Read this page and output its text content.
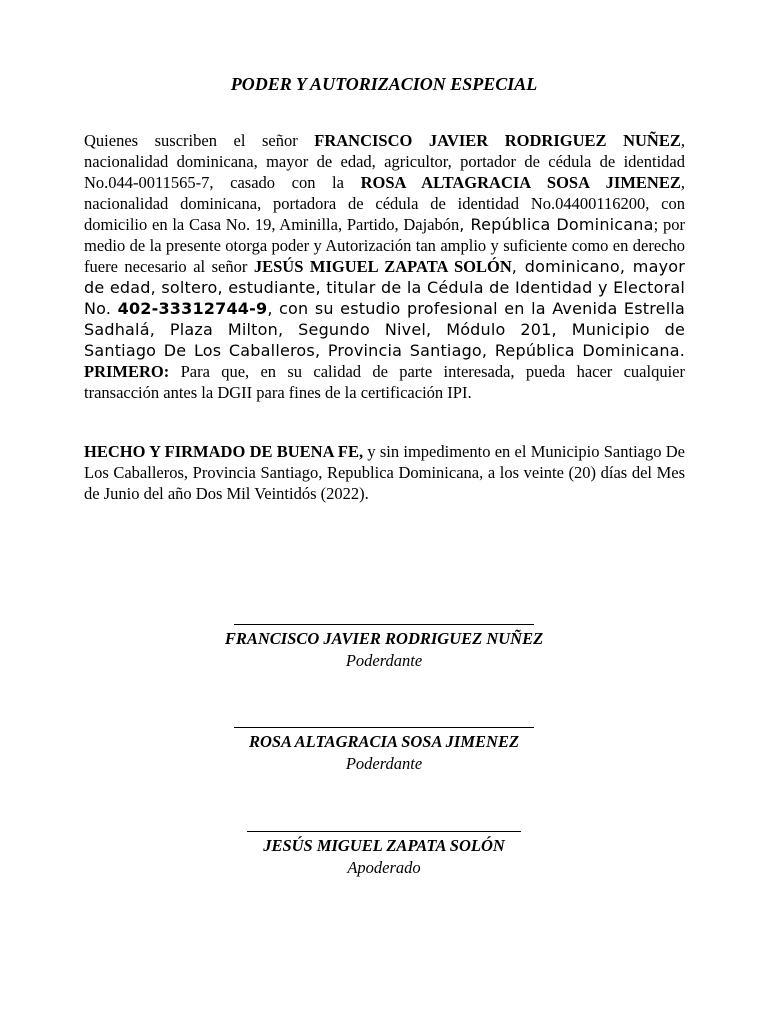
PODER Y AUTORIZACION ESPECIAL
Quienes suscriben el señor FRANCISCO JAVIER RODRIGUEZ NUÑEZ, nacionalidad dominicana, mayor de edad, agricultor, portador de cédula de identidad No.044-0011565-7, casado con la ROSA ALTAGRACIA SOSA JIMENEZ, nacionalidad dominicana, portadora de cédula de identidad No.04400116200, con domicilio en la Casa No. 19, Aminilla, Partido, Dajabón, República Dominicana; por medio de la presente otorga poder y Autorización tan amplio y suficiente como en derecho fuere necesario al señor JESÚS MIGUEL ZAPATA SOLÓN, dominicano, mayor de edad, soltero, estudiante, titular de la Cédula de Identidad y Electoral No. 402-33312744-9, con su estudio profesional en la Avenida Estrella Sadhalá, Plaza Milton, Segundo Nivel, Módulo 201, Municipio de Santiago De Los Caballeros, Provincia Santiago, República Dominicana. PRIMERO: Para que, en su calidad de parte interesada, pueda hacer cualquier transacción antes la DGII para fines de la certificación IPI.
HECHO Y FIRMADO DE BUENA FE, y sin impedimento en el Municipio Santiago De Los Caballeros, Provincia Santiago, Republica Dominicana, a los veinte (20) días del Mes de Junio del año Dos Mil Veintidós (2022).
FRANCISCO JAVIER RODRIGUEZ NUÑEZ
Poderdante
ROSA ALTAGRACIA SOSA JIMENEZ
Poderdante
JESÚS MIGUEL ZAPATA SOLÓN
Apoderado
